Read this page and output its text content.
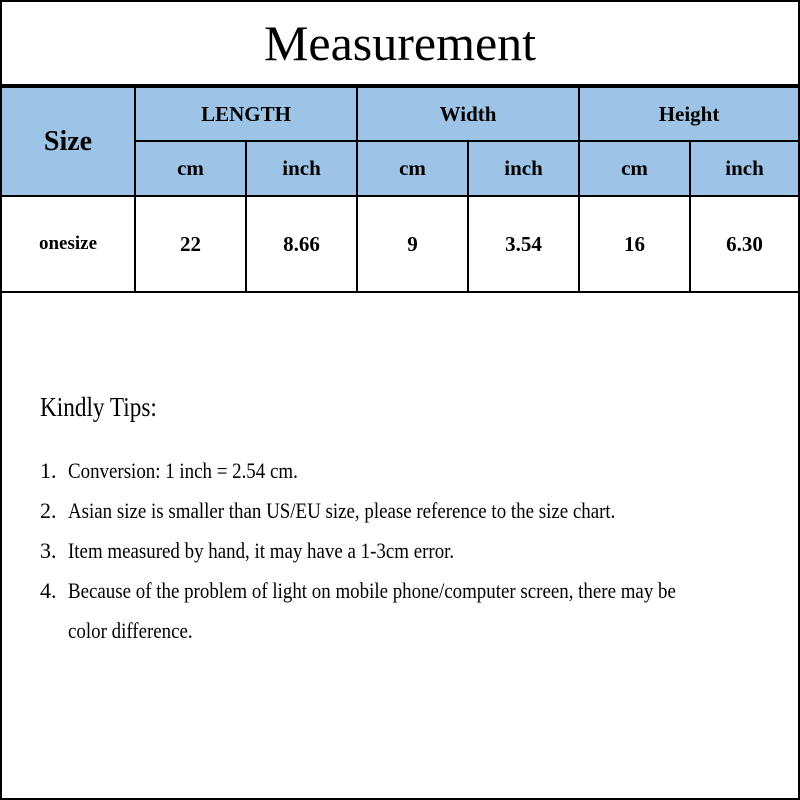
Measurement
Size	LENGTH		Width		Height	
	cm	inch	cm	inch	cm	inch
onesize	22	8.66	9	3.54	16	6.30
Kindly Tips:
1. Conversion: 1 inch = 2.54 cm.
2. Asian size is smaller than US/EU size, please reference to the size chart.
3. Item measured by hand, it may have a 1-3cm error.
4. Because of the problem of light on mobile phone/computer screen, there may be color difference.
